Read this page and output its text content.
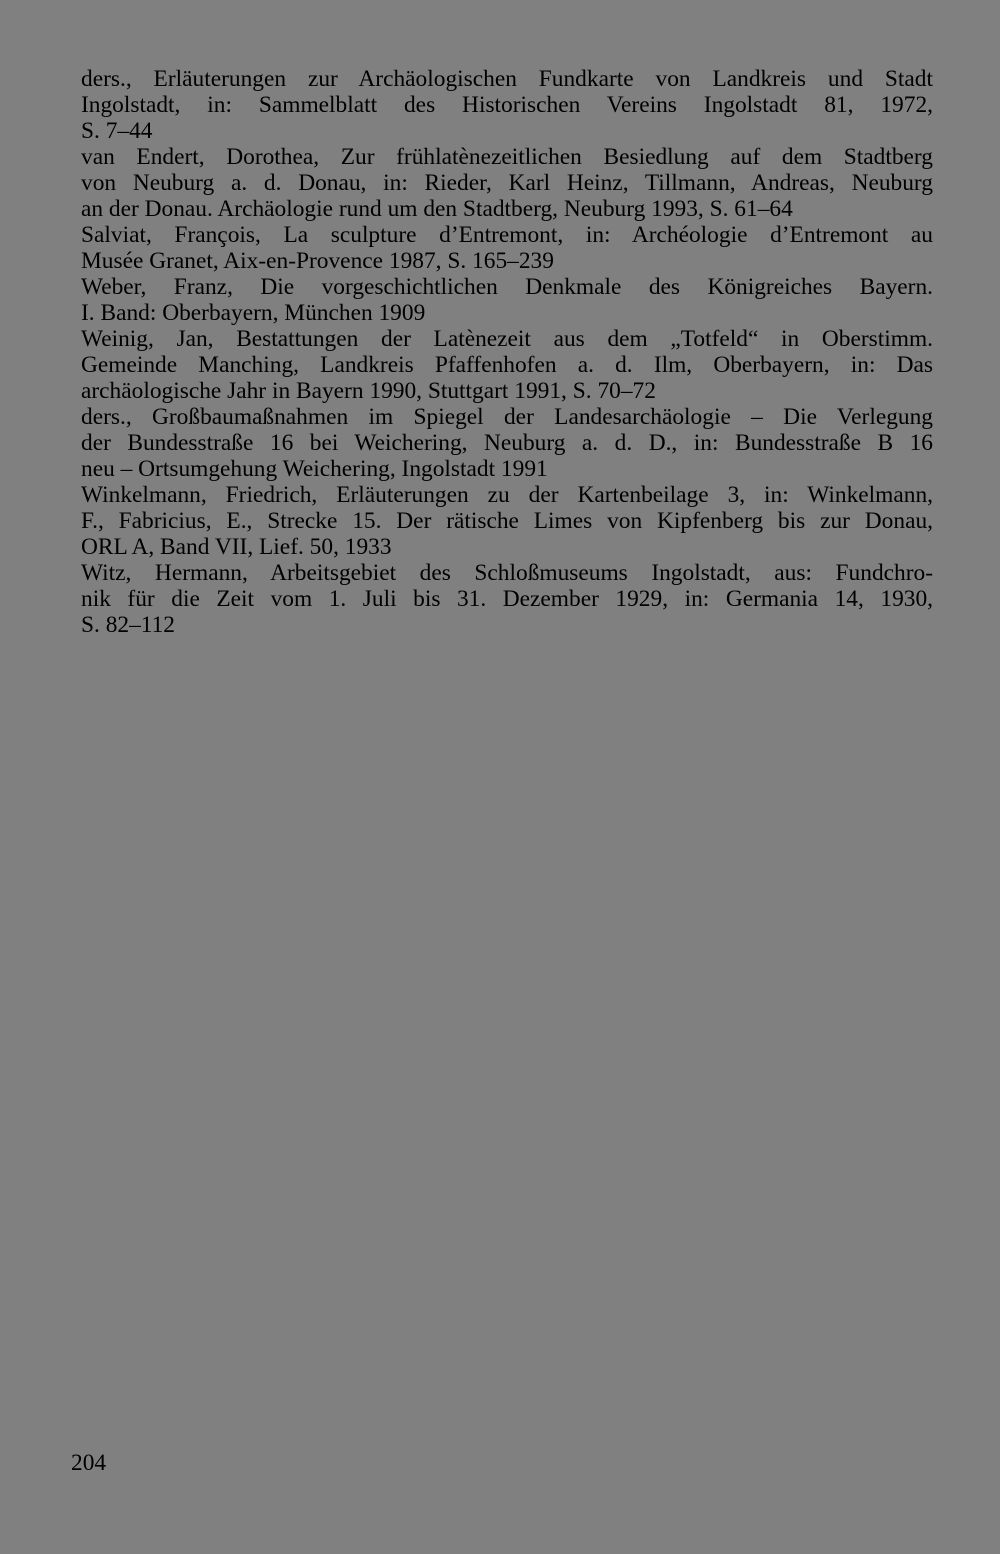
ders., Erläuterungen zur Archäologischen Fundkarte von Landkreis und Stadt
Ingolstadt, in: Sammelblatt des Historischen Vereins Ingolstadt 81, 1972,
S. 7–44
van Endert, Dorothea, Zur frühlatènezeitlichen Besiedlung auf dem Stadtberg
von Neuburg a. d. Donau, in: Rieder, Karl Heinz, Tillmann, Andreas, Neuburg
an der Donau. Archäologie rund um den Stadtberg, Neuburg 1993, S. 61–64
Salviat, François, La sculpture d’Entremont, in: Archéologie d’Entremont au
Musée Granet, Aix-en-Provence 1987, S. 165–239
Weber, Franz, Die vorgeschichtlichen Denkmale des Königreiches Bayern.
I. Band: Oberbayern, München 1909
Weinig, Jan, Bestattungen der Latènezeit aus dem „Totfeld“ in Oberstimm.
Gemeinde Manching, Landkreis Pfaffenhofen a. d. Ilm, Oberbayern, in: Das
archäologische Jahr in Bayern 1990, Stuttgart 1991, S. 70–72
ders., Großbaumaßnahmen im Spiegel der Landesarchäologie – Die Verlegung
der Bundesstraße 16 bei Weichering, Neuburg a. d. D., in: Bundesstraße B 16
neu – Ortsumgehung Weichering, Ingolstadt 1991
Winkelmann, Friedrich, Erläuterungen zu der Kartenbeilage 3, in: Winkelmann,
F., Fabricius, E., Strecke 15. Der rätische Limes von Kipfenberg bis zur Donau,
ORL A, Band VII, Lief. 50, 1933
Witz, Hermann, Arbeitsgebiet des Schloßmuseums Ingolstadt, aus: Fundchro-
nik für die Zeit vom 1. Juli bis 31. Dezember 1929, in: Germania 14, 1930,
S. 82–112
204
